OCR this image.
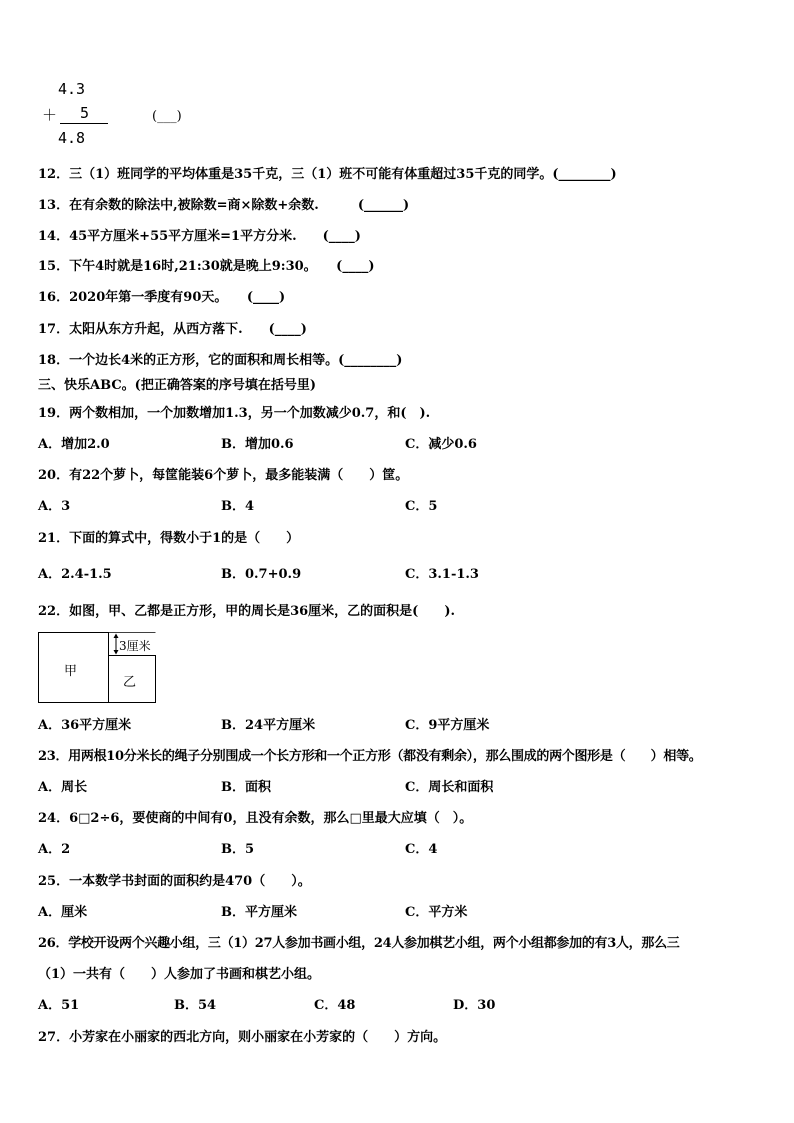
4.3
＋ 5
4.8
(___)
12．三（1）班同学的平均体重是35千克，三（1）班不可能有体重超过35千克的同学。(________)
13．在有余数的除法中,被除数=商×除数+余数.　　　(______)
14．45平方厘米+55平方厘米=1平方分米.　　(____)
15．下午4时就是16时,21:30就是晚上9:30。　　(____)
16．2020年第一季度有90天。　　(____)
17．太阳从东方升起，从西方落下.　　(____)
18．一个边长4米的正方形，它的面积和周长相等。(________)
三、快乐ABC。(把正确答案的序号填在括号里)
19．两个数相加，一个加数增加1.3，另一个加数减少0.7，和(　).
A．增加2.0	B．增加0.6	C．减少0.6
20．有22个萝卜，每筐能装6个萝卜，最多能装满（　　）筐。
A．3	B．4	C．5
21．下面的算式中，得数小于1的是（　　）
A．2.4-1.5	B．0.7+0.9	C．3.1-1.3
22．如图，甲、乙都是正方形，甲的周长是36厘米，乙的面积是(　　).
甲
乙
3厘米
A．36平方厘米	B．24平方厘米	C．9平方厘米
23．用两根10分米长的绳子分别围成一个长方形和一个正方形（都没有剩余），那么围成的两个图形是（　　）相等。
A．周长	B．面积	C．周长和面积
24．6□2÷6，要使商的中间有0，且没有余数，那么□里最大应填（　）。
A．2	B．5	C．4
25．一本数学书封面的面积约是470（　　）。
A．厘米	B．平方厘米	C．平方米
26．学校开设两个兴趣小组，三（1）27人参加书画小组，24人参加棋艺小组，两个小组都参加的有3人，那么三
（1）一共有（　　）人参加了书画和棋艺小组。
A．51	B．54	C．48	D．30
27．小芳家在小丽家的西北方向，则小丽家在小芳家的（　　）方向。
